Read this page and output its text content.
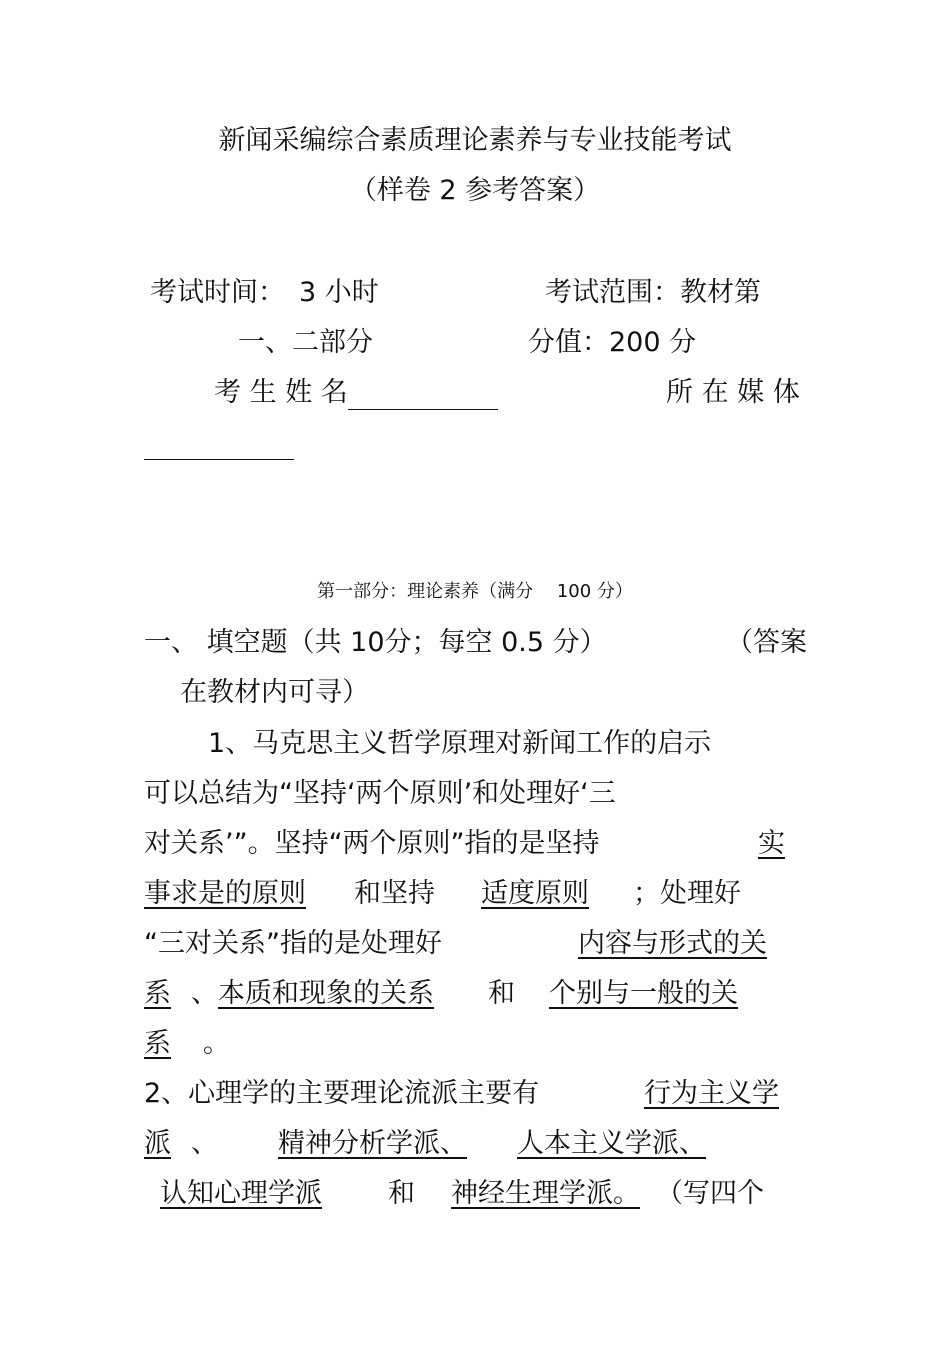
新闻采编综合素质理论素养与专业技能考试
（样卷 2 参考答案）
考试时间： 3 小时	考试范围：教材第
一、二部分	分值：200 分
考 生 姓 名	所 在 媒 体
第一部分：理论素养（满分　 100 分）
一、 填空题（共 10分；每空 0.5 分）	（答案
在教材内可寻）
1、马克思主义哲学原理对新闻工作的启示
可以总结为“坚持‘两个原则’和处理好‘三
对关系’”。坚持“两个原则”指的是坚持	实
事求是的原则 和坚持 适度原则 ；处理好
“三对关系”指的是处理好	内容与形式的关
系 、本质和现象的关系 和 个别与一般的关
系 。
2、心理学的主要理论流派主要有	行为主义学
派 、 精神分析学派、 人本主义学派、
认知心理学派 和 神经生理学派。 （写四个
